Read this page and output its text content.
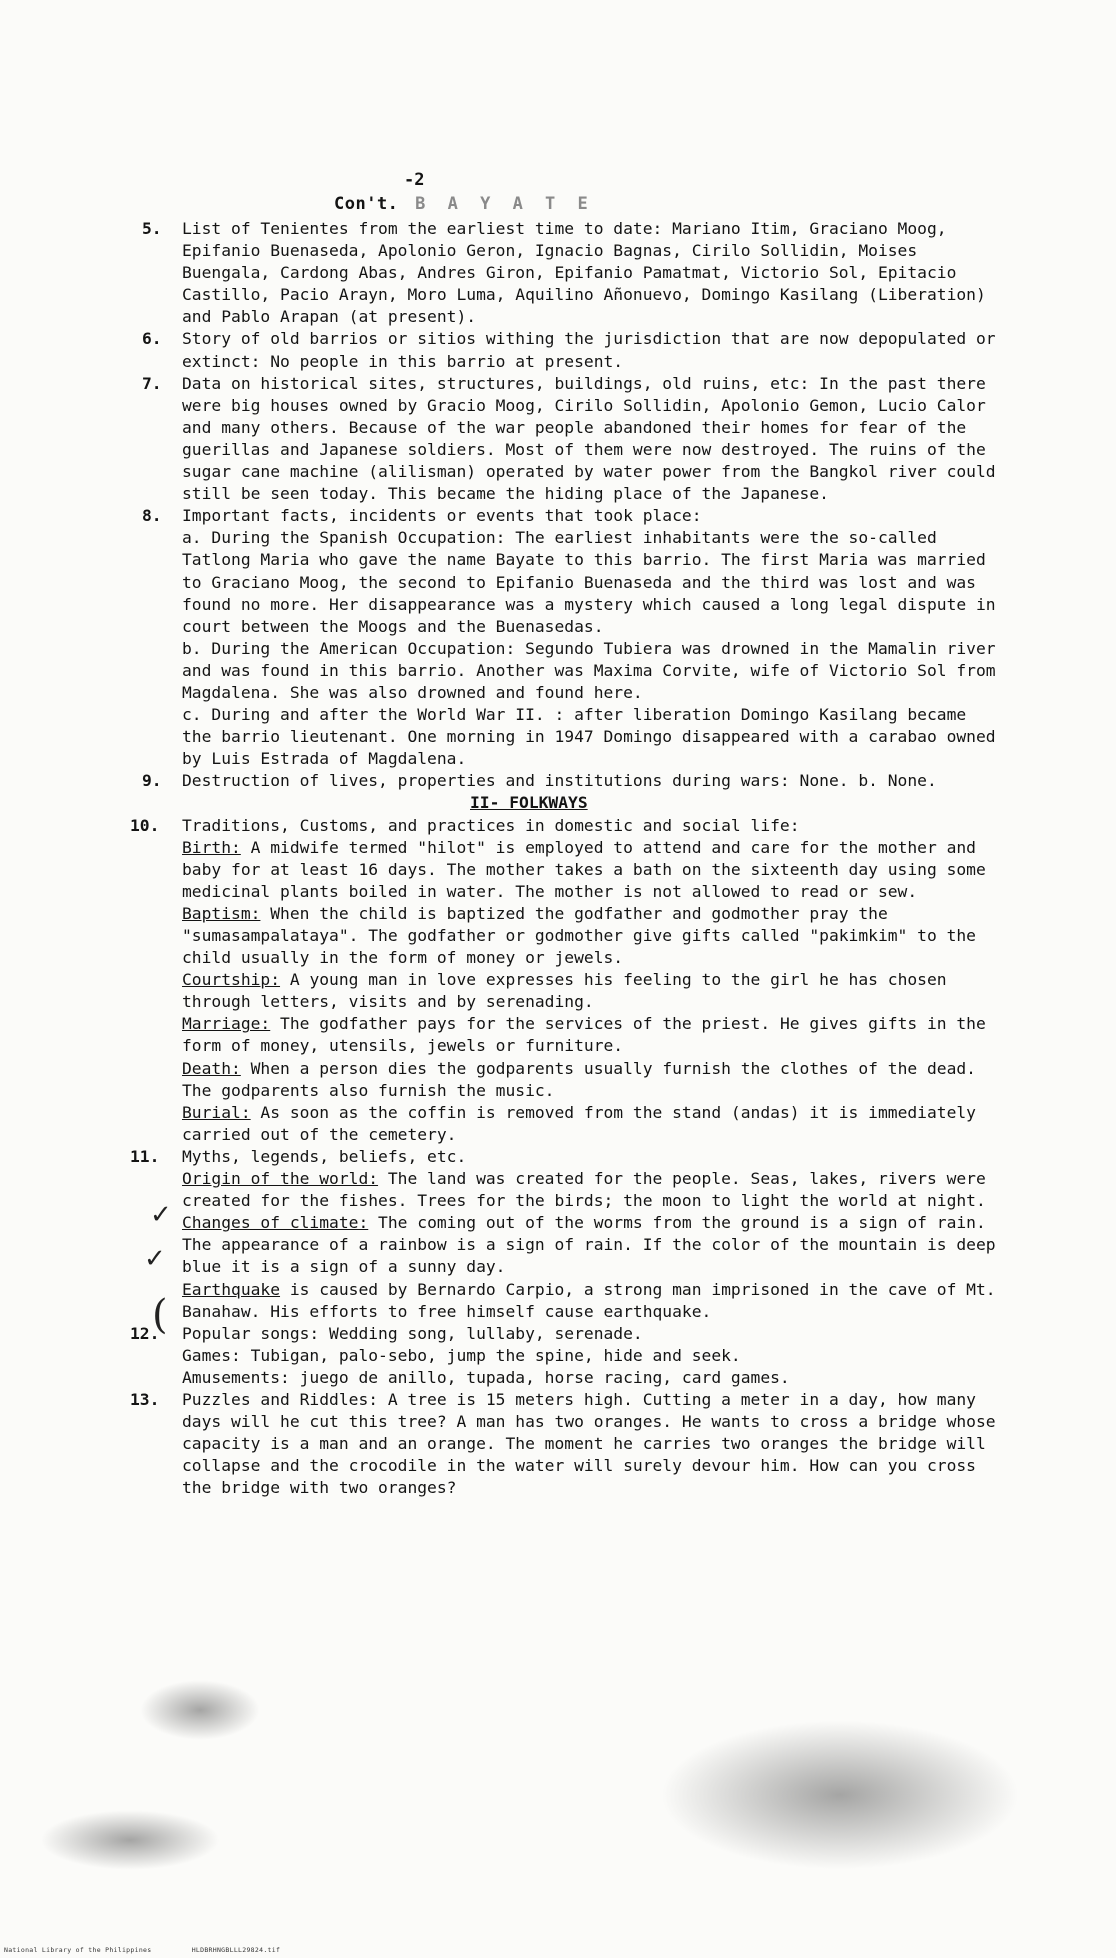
-2
Con't. B A Y A T E
5. List of Tenientes from the earliest time to date: Mariano Itim, Graciano Moog, Epifanio Buenaseda, Apolonio Geron, Ignacio Bagnas, Cirilo Sollidin, Moises Buengala, Cardong Abas, Andres Giron, Epifanio Pamatmat, Victorio Sol, Epitacio Castillo, Pacio Arayn, Moro Luma, Aquilino Añonuevo, Domingo Kasilang (Liberation) and Pablo Arapan (at present).
6. Story of old barrios or sitios withing the jurisdiction that are now depopulated or extinct: No people in this barrio at present.
7. Data on historical sites, structures, buildings, old ruins, etc: In the past there were big houses owned by Gracio Moog, Cirilo Sollidin, Apolonio Gemon, Lucio Calor and many others. Because of the war people abandoned their homes for fear of the guerillas and Japanese soldiers. Most of them were now destroyed. The ruins of the sugar cane machine (alilisman) operated by water power from the Bangkol river could still be seen today. This became the hiding place of the Japanese.
8. Important facts, incidents or events that took place:
a. During the Spanish Occupation: The earliest inhabitants were the so-called Tatlong Maria who gave the name Bayate to this barrio. The first Maria was married to Graciano Moog, the second to Epifanio Buenaseda and the third was lost and was found no more. Her disappearance was a mystery which caused a long legal dispute in court between the Moogs and the Buenasedas.
b. During the American Occupation: Segundo Tubiera was drowned in the Mamalin river and was found in this barrio. Another was Maxima Corvite, wife of Victorio Sol from Magdalena. She was also drowned and found here.
c. During and after the World War II. : after liberation Domingo Kasilang became the barrio lieutenant. One morning in 1947 Domingo disappeared with a carabao owned by Luis Estrada of Magdalena.
9. Destruction of lives, properties and institutions during wars: None. b. None.
II- FOLKWAYS
10. Traditions, Customs, and practices in domestic and social life:
Birth: A midwife termed "hilot" is employed to attend and care for the mother and baby for at least 16 days. The mother takes a bath on the sixteenth day using some medicinal plants boiled in water. The mother is not allowed to read or sew.
Baptism: When the child is baptized the godfather and godmother pray the "sumasampalataya". The godfather or godmother give gifts called "pakimkim" to the child usually in the form of money or jewels.
Courtship: A young man in love expresses his feeling to the girl he has chosen through letters, visits and by serenading.
Marriage: The godfather pays for the services of the priest. He gives gifts in the form of money, utensils, jewels or furniture.
Death: When a person dies the godparents usually furnish the clothes of the dead. The godparents also furnish the music.
Burial: As soon as the coffin is removed from the stand (andas) it is immediately carried out of the cemetery.
11. Myths, legends, beliefs, etc.
Origin of the world: The land was created for the people. Seas, lakes, rivers were created for the fishes. Trees for the birds; the moon to light the world at night.
Changes of climate: The coming out of the worms from the ground is a sign of rain. The appearance of a rainbow is a sign of rain. If the color of the mountain is deep blue it is a sign of a sunny day.
Earthquake is caused by Bernardo Carpio, a strong man imprisoned in the cave of Mt. Banahaw. His efforts to free himself cause earthquake.
12. Popular songs: Wedding song, lullaby, serenade.
Games: Tubigan, palo-sebo, jump the spine, hide and seek.
Amusements: juego de anillo, tupada, horse racing, card games.
13. Puzzles and Riddles: A tree is 15 meters high. Cutting a meter in a day, how many days will he cut this tree? A man has two oranges. He wants to cross a bridge whose capacity is a man and an orange. The moment he carries two oranges the bridge will collapse and the crocodile in the water will surely devour him. How can you cross the bridge with two oranges?
✓
✓
(
National Library of the Philippines	HLDBRHNGBLLL29824.tif
